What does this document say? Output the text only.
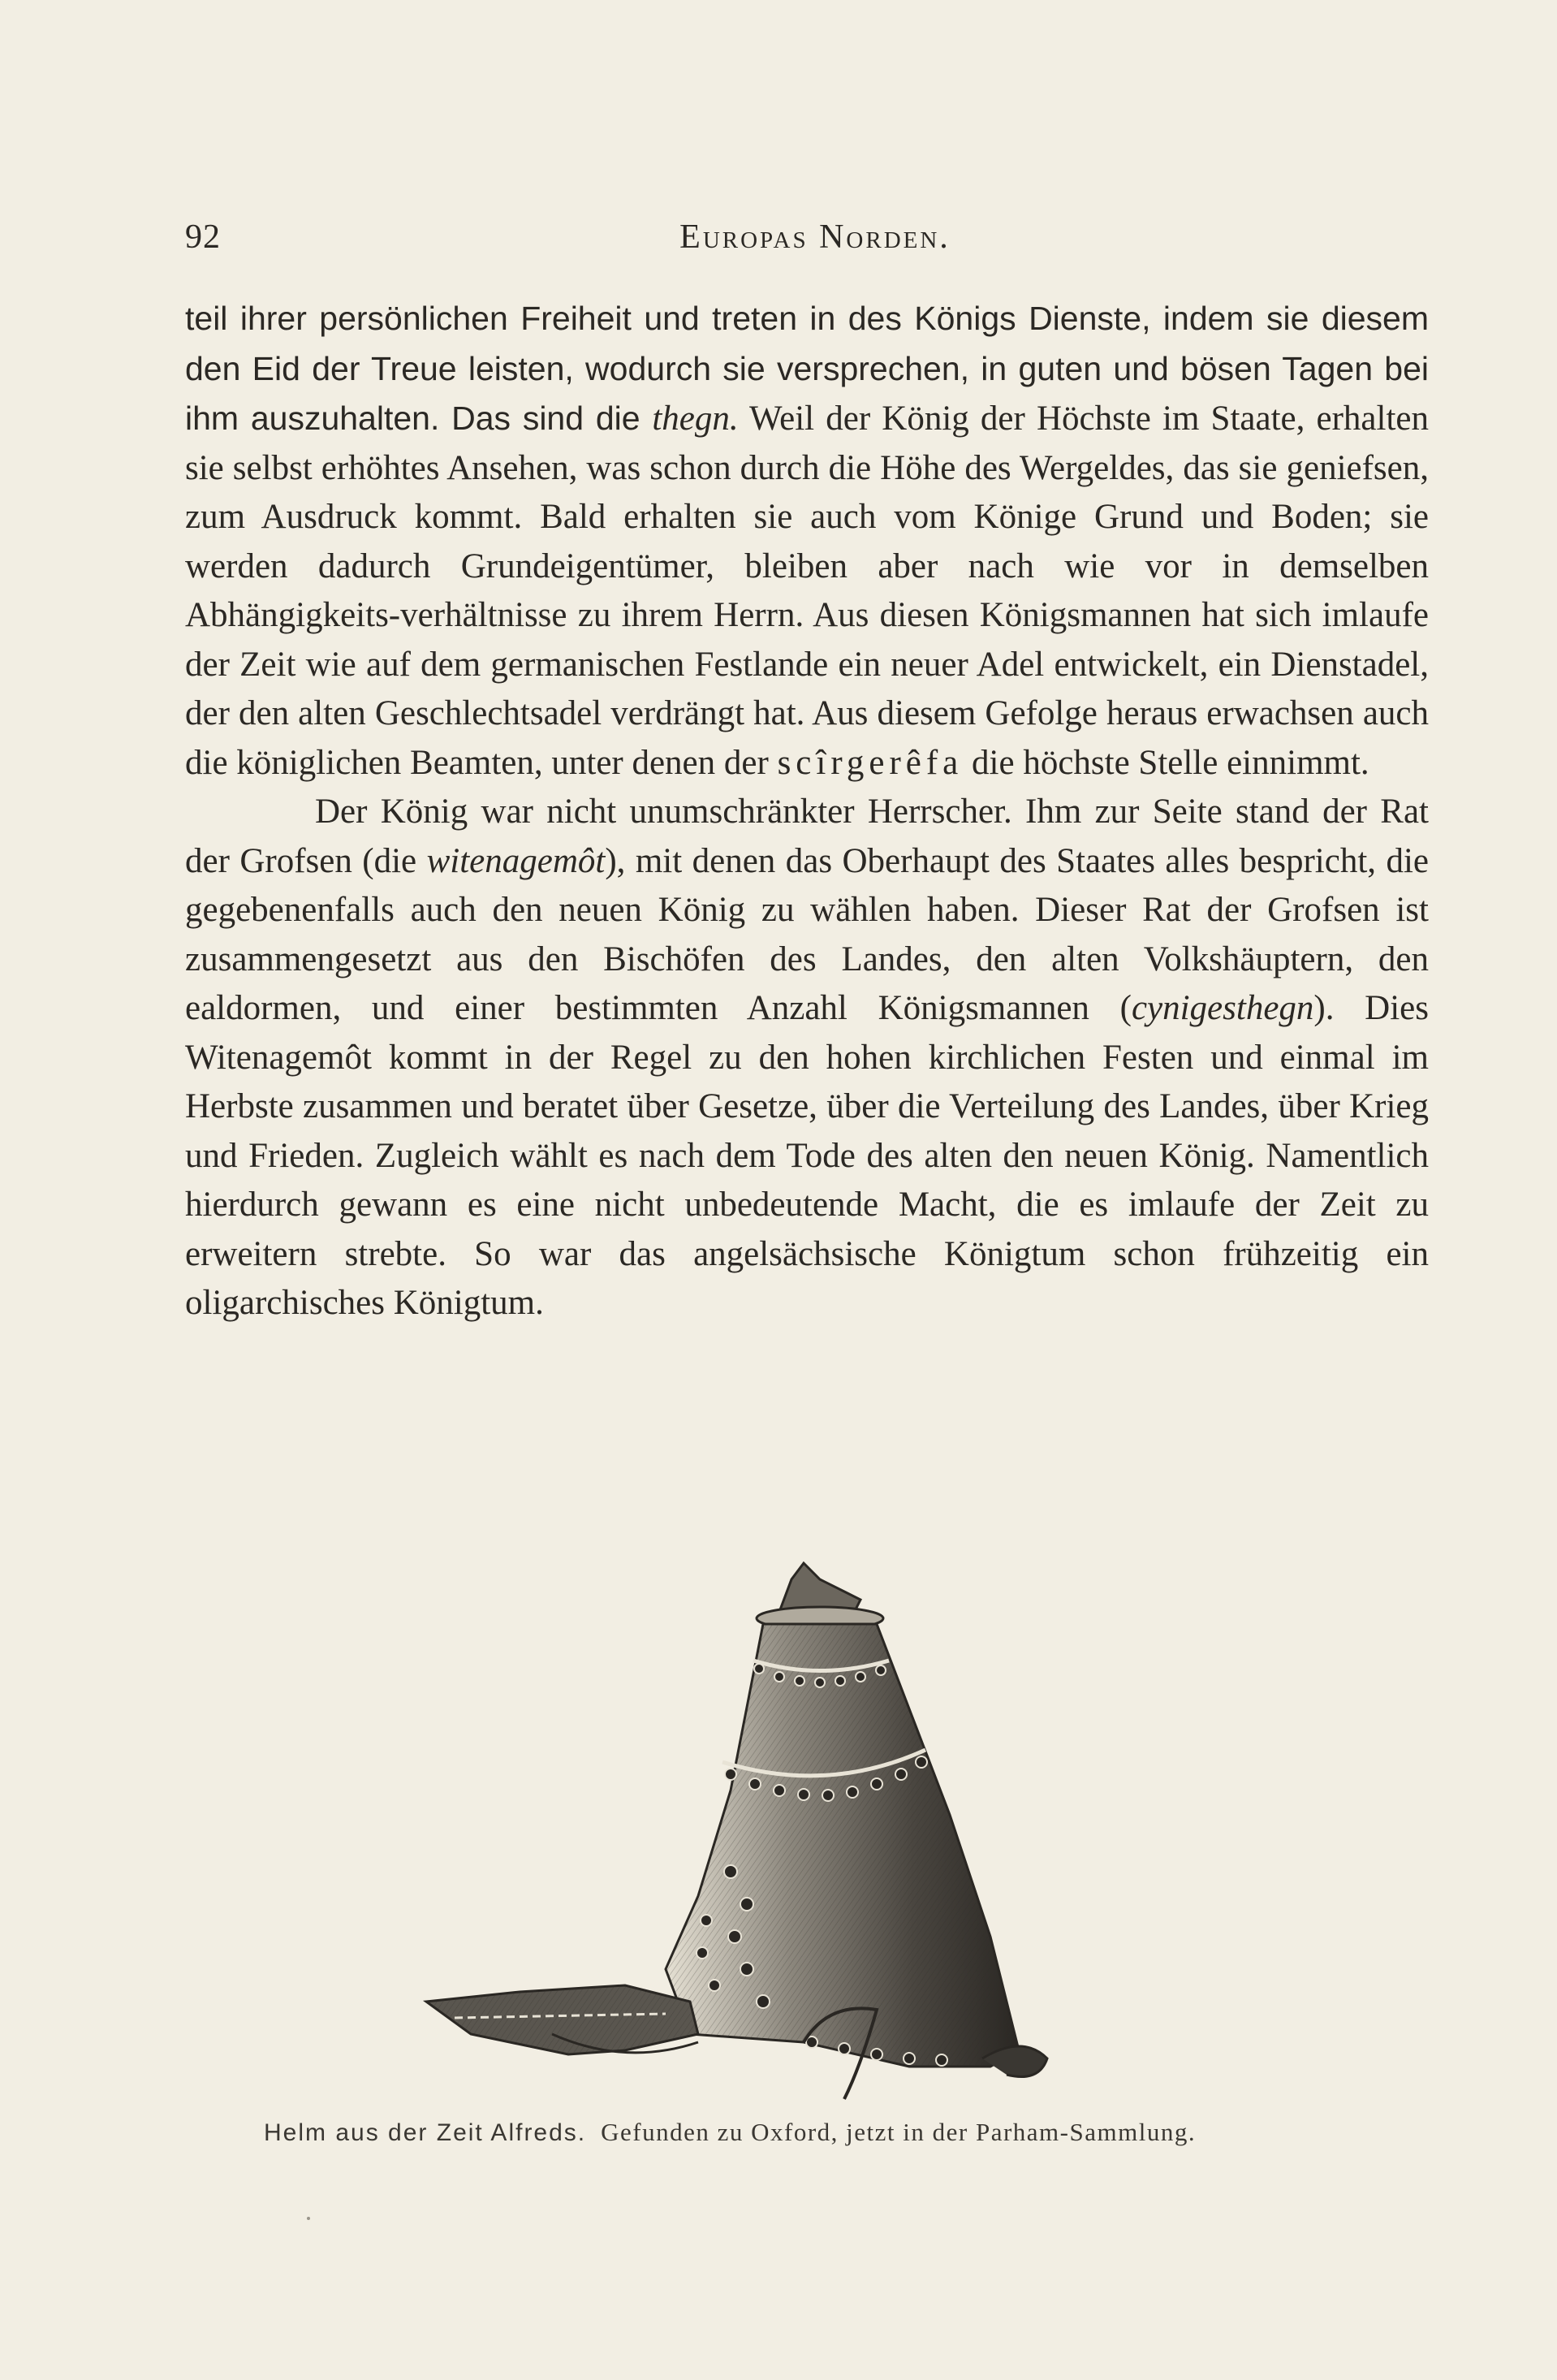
92	Europas Norden.

teil ihrer persönlichen Freiheit und treten in des Königs Dienste, indem sie diesem den Eid der Treue leisten, wodurch sie versprechen, in guten und bösen Tagen bei ihm auszuhalten. Das sind die thegn. Weil der König der Höchste im Staate, erhalten sie selbst erhöhtes Ansehen, was schon durch die Höhe des Wergeldes, das sie geniefsen, zum Ausdruck kommt. Bald erhalten sie auch vom Könige Grund und Boden; sie werden dadurch Grundeigentümer, bleiben aber nach wie vor in demselben Abhängigkeits-verhältnisse zu ihrem Herrn. Aus diesen Königsmannen hat sich imlaufe der Zeit wie auf dem germanischen Festlande ein neuer Adel entwickelt, ein Dienstadel, der den alten Geschlechtsadel verdrängt hat. Aus diesem Gefolge heraus erwachsen auch die königlichen Beamten, unter denen der scîrgerêfa die höchste Stelle einnimmt.

Der König war nicht unumschränkter Herrscher. Ihm zur Seite stand der Rat der Grofsen (die witenagemôt), mit denen das Oberhaupt des Staates alles bespricht, die gegebenenfalls auch den neuen König zu wählen haben. Dieser Rat der Grofsen ist zusammengesetzt aus den Bischöfen des Landes, den alten Volkshäuptern, den ealdormen, und einer bestimmten Anzahl Königsmannen (cynigesthegn). Dies Witenagemôt kommt in der Regel zu den hohen kirchlichen Festen und einmal im Herbste zusammen und beratet über Gesetze, über die Verteilung des Landes, über Krieg und Frieden. Zugleich wählt es nach dem Tode des alten den neuen König. Namentlich hierdurch gewann es eine nicht unbedeutende Macht, die es imlaufe der Zeit zu erweitern strebte. So war das angelsächsische Königtum schon frühzeitig ein oligarchisches Königtum.

Helm aus der Zeit Alfreds. Gefunden zu Oxford, jetzt in der Parham-Sammlung.
